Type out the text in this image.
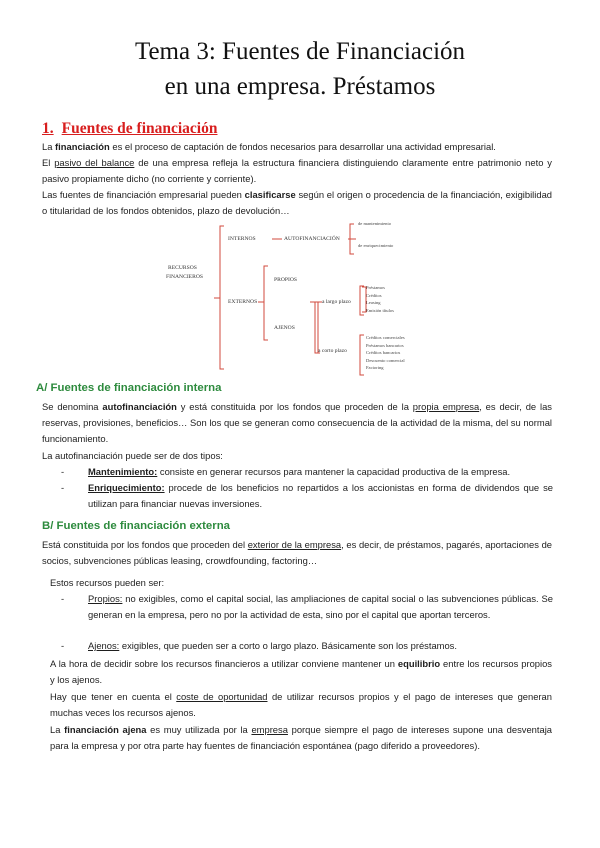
Tema 3: Fuentes de Financiación
en una empresa. Préstamos
1. Fuentes de financiación
La financiación es el proceso de captación de fondos necesarios para desarrollar una actividad empresarial.
El pasivo del balance de una empresa refleja la estructura financiera distinguiendo claramente entre patrimonio neto y pasivo propiamente dicho (no corriente y corriente).
Las fuentes de financiación empresarial pueden clasificarse según el origen o procedencia de la financiación, exigibilidad o titularidad de los fondos obtenidos, plazo de devolución…
RECURSOS
FINANCIEROS
INTERNOS	AUTOFINANCIACIÓN
de mantenimiento
de enriquecimiento
EXTERNOS
PROPIOS
AJENOS
a largo plazo
a corto plazo
Préstamos
Créditos
Leasing
Emisión títulos
Créditos comerciales
Préstamos bancarios
Créditos bancarios
Descuento comercial
Factoring
A/ Fuentes de financiación interna
Se denomina autofinanciación y está constituida por los fondos que proceden de la propia empresa, es decir, de las reservas, provisiones, beneficios… Son los que se generan como consecuencia de la actividad de la misma, del su normal funcionamiento.
La autofinanciación puede ser de dos tipos:
-	Mantenimiento: consiste en generar recursos para mantener la capacidad productiva de la empresa.
-	Enriquecimiento: procede de los beneficios no repartidos a los accionistas en forma de dividendos que se utilizan para financiar nuevas inversiones.
B/ Fuentes de financiación externa
Está constituida por los fondos que proceden del exterior de la empresa, es decir, de préstamos, pagarés, aportaciones de socios, subvenciones públicas leasing, crowdfounding, factoring…
Estos recursos pueden ser:
-	Propios: no exigibles, como el capital social, las ampliaciones de capital social o las subvenciones públicas. Se generan en la empresa, pero no por la actividad de esta, sino por el capital que aportan terceros.
-	Ajenos: exigibles, que pueden ser a corto o largo plazo. Básicamente son los préstamos.
A la hora de decidir sobre los recursos financieros a utilizar conviene mantener un equilibrio entre los recursos propios y los ajenos.
Hay que tener en cuenta el coste de oportunidad de utilizar recursos propios y el pago de intereses que generan muchas veces los recursos ajenos.
La financiación ajena es muy utilizada por la empresa porque siempre el pago de intereses supone una desventaja para la empresa y por otra parte hay fuentes de financiación espontánea (pago diferido a proveedores).
